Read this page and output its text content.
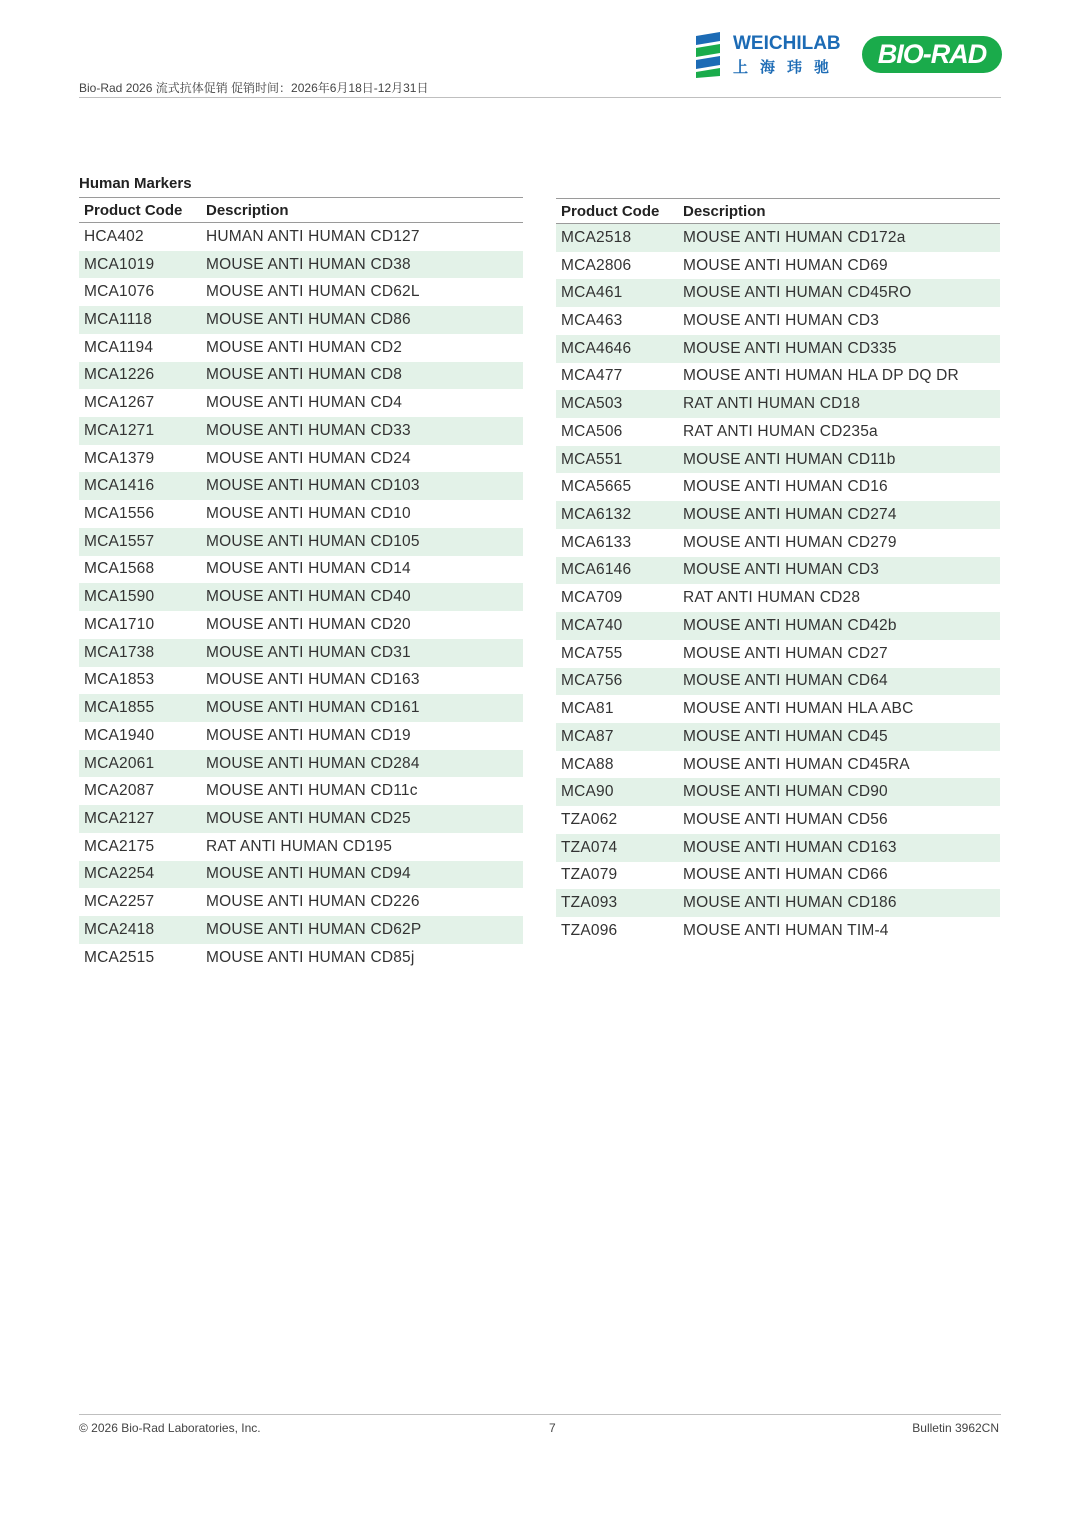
Bio-Rad 2026 流式抗体促销 促销时间：2026年6月18日-12月31日
WEICHILAB
上海玮驰	BIO-RAD
Human Markers
Product Code	Description
HCA402	HUMAN ANTI HUMAN CD127
MCA1019	MOUSE ANTI HUMAN CD38
MCA1076	MOUSE ANTI HUMAN CD62L
MCA1118	MOUSE ANTI HUMAN CD86
MCA1194	MOUSE ANTI HUMAN CD2
MCA1226	MOUSE ANTI HUMAN CD8
MCA1267	MOUSE ANTI HUMAN CD4
MCA1271	MOUSE ANTI HUMAN CD33
MCA1379	MOUSE ANTI HUMAN CD24
MCA1416	MOUSE ANTI HUMAN CD103
MCA1556	MOUSE ANTI HUMAN CD10
MCA1557	MOUSE ANTI HUMAN CD105
MCA1568	MOUSE ANTI HUMAN CD14
MCA1590	MOUSE ANTI HUMAN CD40
MCA1710	MOUSE ANTI HUMAN CD20
MCA1738	MOUSE ANTI HUMAN CD31
MCA1853	MOUSE ANTI HUMAN CD163
MCA1855	MOUSE ANTI HUMAN CD161
MCA1940	MOUSE ANTI HUMAN CD19
MCA2061	MOUSE ANTI HUMAN CD284
MCA2087	MOUSE ANTI HUMAN CD11c
MCA2127	MOUSE ANTI HUMAN CD25
MCA2175	RAT ANTI HUMAN CD195
MCA2254	MOUSE ANTI HUMAN CD94
MCA2257	MOUSE ANTI HUMAN CD226
MCA2418	MOUSE ANTI HUMAN CD62P
MCA2515	MOUSE ANTI HUMAN CD85j
Product Code	Description
MCA2518	MOUSE ANTI HUMAN CD172a
MCA2806	MOUSE ANTI HUMAN CD69
MCA461	MOUSE ANTI HUMAN CD45RO
MCA463	MOUSE ANTI HUMAN CD3
MCA4646	MOUSE ANTI HUMAN CD335
MCA477	MOUSE ANTI HUMAN HLA DP DQ DR
MCA503	RAT ANTI HUMAN CD18
MCA506	RAT ANTI HUMAN CD235a
MCA551	MOUSE ANTI HUMAN CD11b
MCA5665	MOUSE ANTI HUMAN CD16
MCA6132	MOUSE ANTI HUMAN CD274
MCA6133	MOUSE ANTI HUMAN CD279
MCA6146	MOUSE ANTI HUMAN CD3
MCA709	RAT ANTI HUMAN CD28
MCA740	MOUSE ANTI HUMAN CD42b
MCA755	MOUSE ANTI HUMAN CD27
MCA756	MOUSE ANTI HUMAN CD64
MCA81	MOUSE ANTI HUMAN HLA ABC
MCA87	MOUSE ANTI HUMAN CD45
MCA88	MOUSE ANTI HUMAN CD45RA
MCA90	MOUSE ANTI HUMAN CD90
TZA062	MOUSE ANTI HUMAN CD56
TZA074	MOUSE ANTI HUMAN CD163
TZA079	MOUSE ANTI HUMAN CD66
TZA093	MOUSE ANTI HUMAN CD186
TZA096	MOUSE ANTI HUMAN TIM-4
© 2026 Bio-Rad Laboratories, Inc.	7	Bulletin 3962CN
